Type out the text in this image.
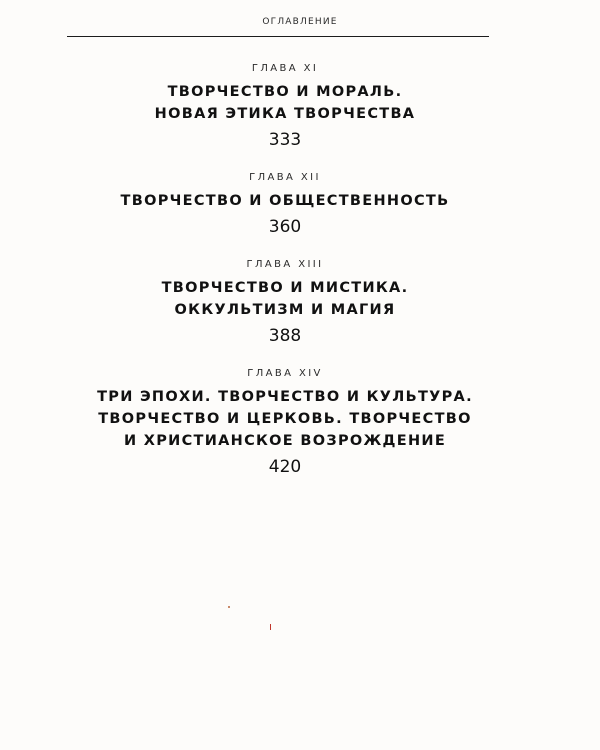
ОГЛАВЛЕНИЕ
ГЛАВА XI
ТВОРЧЕСТВО И МОРАЛЬ.
НОВАЯ ЭТИКА ТВОРЧЕСТВА
333
ГЛАВА XII
ТВОРЧЕСТВО И ОБЩЕСТВЕННОСТЬ
360
ГЛАВА XIII
ТВОРЧЕСТВО И МИСТИКА.
ОККУЛЬТИЗМ И МАГИЯ
388
ГЛАВА XIV
ТРИ ЭПОХИ. ТВОРЧЕСТВО И КУЛЬТУРА.
ТВОРЧЕСТВО И ЦЕРКОВЬ. ТВОРЧЕСТВО
И ХРИСТИАНСКОЕ ВОЗРОЖДЕНИЕ
420
